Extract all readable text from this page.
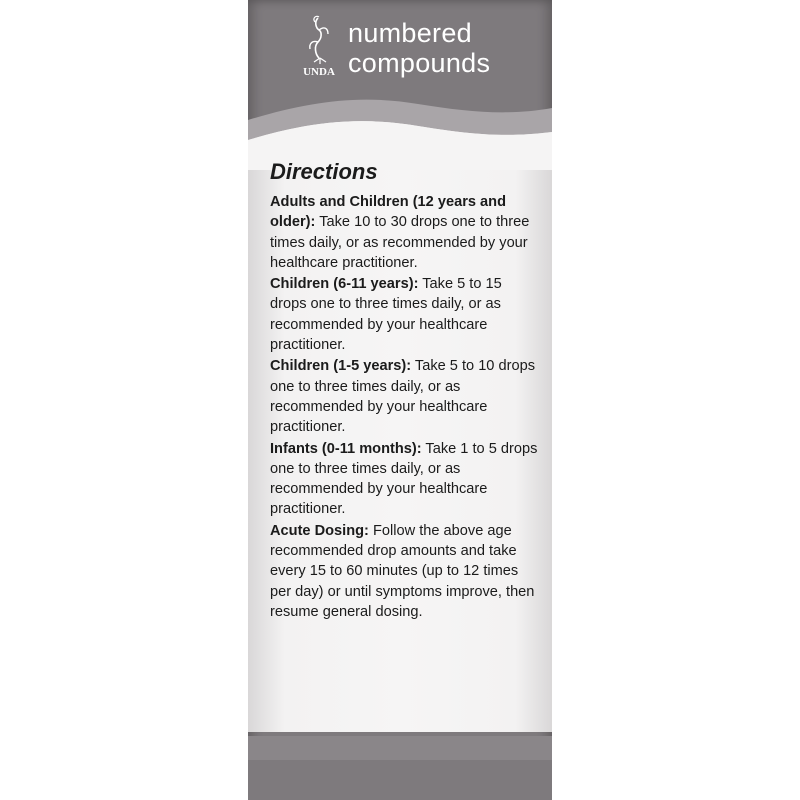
UNDA
numbered
compounds
Directions

Adults and Children (12 years and older): Take 10 to 30 drops one to three times daily, or as recommended by your healthcare practitioner.

Children (6-11 years): Take 5 to 15 drops one to three times daily, or as recommended by your healthcare practitioner.

Children (1-5 years): Take 5 to 10 drops one to three times daily, or as recommended by your healthcare practitioner.

Infants (0-11 months): Take 1 to 5 drops one to three times daily, or as recommended by your healthcare practitioner.

Acute Dosing: Follow the above age recommended drop amounts and take every 15 to 60 minutes (up to 12 times per day) or until symptoms improve, then resume general dosing.
